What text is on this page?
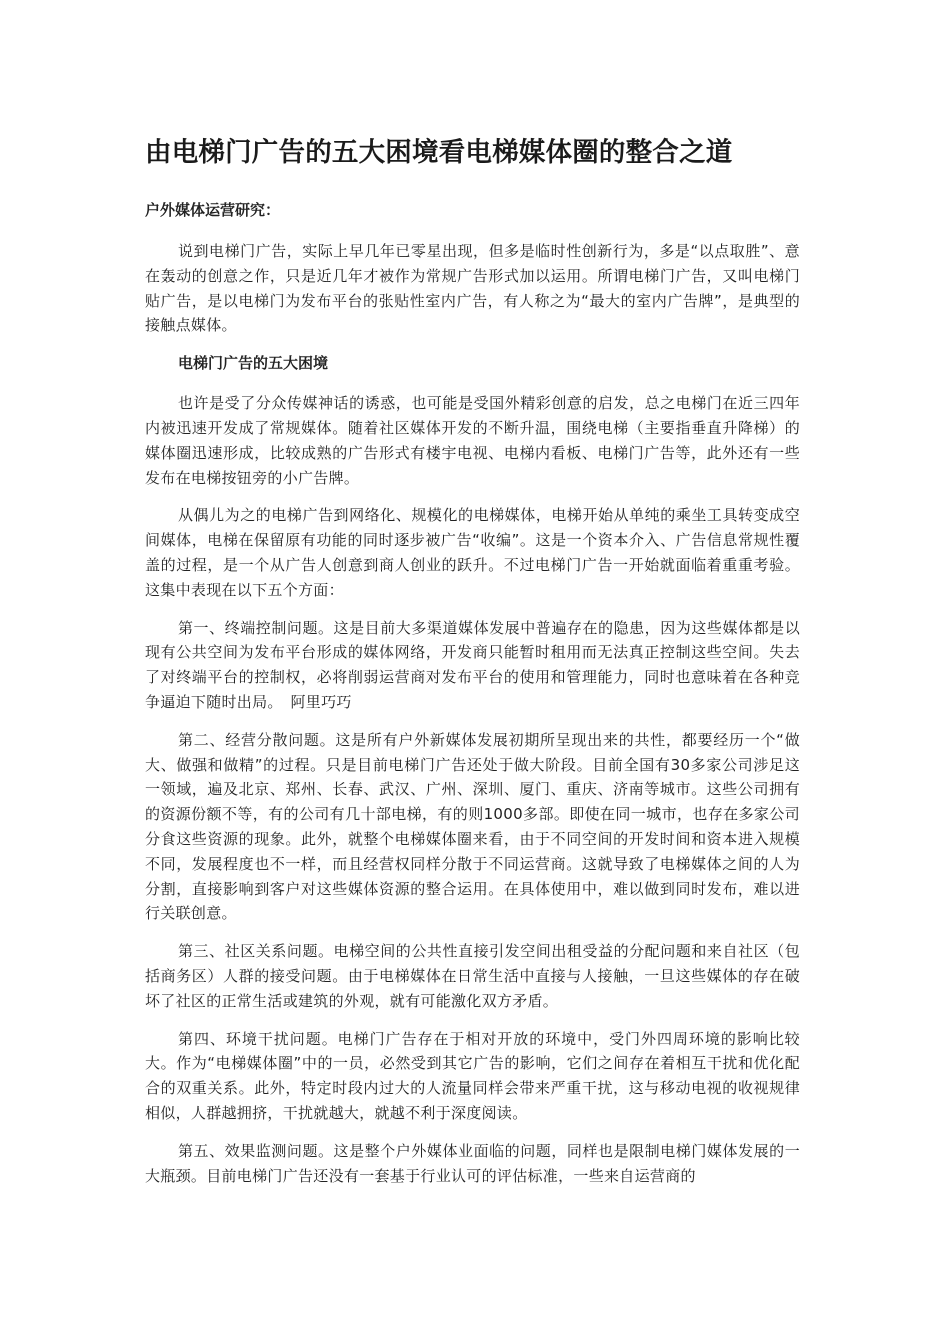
由电梯门广告的五大困境看电梯媒体圈的整合之道
户外媒体运营研究：

说到电梯门广告，实际上早几年已零星出现，但多是临时性创新行为，多是“以点取胜”、意在轰动的创意之作，只是近几年才被作为常规广告形式加以运用。所谓电梯门广告，又叫电梯门贴广告，是以电梯门为发布平台的张贴性室内广告，有人称之为“最大的室内广告牌”，是典型的接触点媒体。

电梯门广告的五大困境

也许是受了分众传媒神话的诱惑，也可能是受国外精彩创意的启发，总之电梯门在近三四年内被迅速开发成了常规媒体。随着社区媒体开发的不断升温，围绕电梯（主要指垂直升降梯）的媒体圈迅速形成，比较成熟的广告形式有楼宇电视、电梯内看板、电梯门广告等，此外还有一些发布在电梯按钮旁的小广告牌。

从偶儿为之的电梯广告到网络化、规模化的电梯媒体，电梯开始从单纯的乘坐工具转变成空间媒体，电梯在保留原有功能的同时逐步被广告“收编”。这是一个资本介入、广告信息常规性覆盖的过程，是一个从广告人创意到商人创业的跃升。不过电梯门广告一开始就面临着重重考验。这集中表现在以下五个方面：

第一、终端控制问题。这是目前大多渠道媒体发展中普遍存在的隐患，因为这些媒体都是以现有公共空间为发布平台形成的媒体网络，开发商只能暂时租用而无法真正控制这些空间。失去了对终端平台的控制权，必将削弱运营商对发布平台的使用和管理能力，同时也意味着在各种竞争逼迫下随时出局。　阿里巧巧

第二、经营分散问题。这是所有户外新媒体发展初期所呈现出来的共性，都要经历一个“做大、做强和做精”的过程。只是目前电梯门广告还处于做大阶段。目前全国有30多家公司涉足这一领域，遍及北京、郑州、长春、武汉、广州、深圳、厦门、重庆、济南等城市。这些公司拥有的资源份额不等，有的公司有几十部电梯，有的则1000多部。即使在同一城市，也存在多家公司分食这些资源的现象。此外，就整个电梯媒体圈来看，由于不同空间的开发时间和资本进入规模不同，发展程度也不一样，而且经营权同样分散于不同运营商。这就导致了电梯媒体之间的人为分割，直接影响到客户对这些媒体资源的整合运用。在具体使用中，难以做到同时发布，难以进行关联创意。

第三、社区关系问题。电梯空间的公共性直接引发空间出租受益的分配问题和来自社区（包括商务区）人群的接受问题。由于电梯媒体在日常生活中直接与人接触，一旦这些媒体的存在破坏了社区的正常生活或建筑的外观，就有可能激化双方矛盾。

第四、环境干扰问题。电梯门广告存在于相对开放的环境中，受门外四周环境的影响比较大。作为“电梯媒体圈”中的一员，必然受到其它广告的影响，它们之间存在着相互干扰和优化配合的双重关系。此外，特定时段内过大的人流量同样会带来严重干扰，这与移动电视的收视规律相似，人群越拥挤，干扰就越大，就越不利于深度阅读。

第五、效果监测问题。这是整个户外媒体业面临的问题，同样也是限制电梯门媒体发展的一大瓶颈。目前电梯门广告还没有一套基于行业认可的评估标准，一些来自运营商的
